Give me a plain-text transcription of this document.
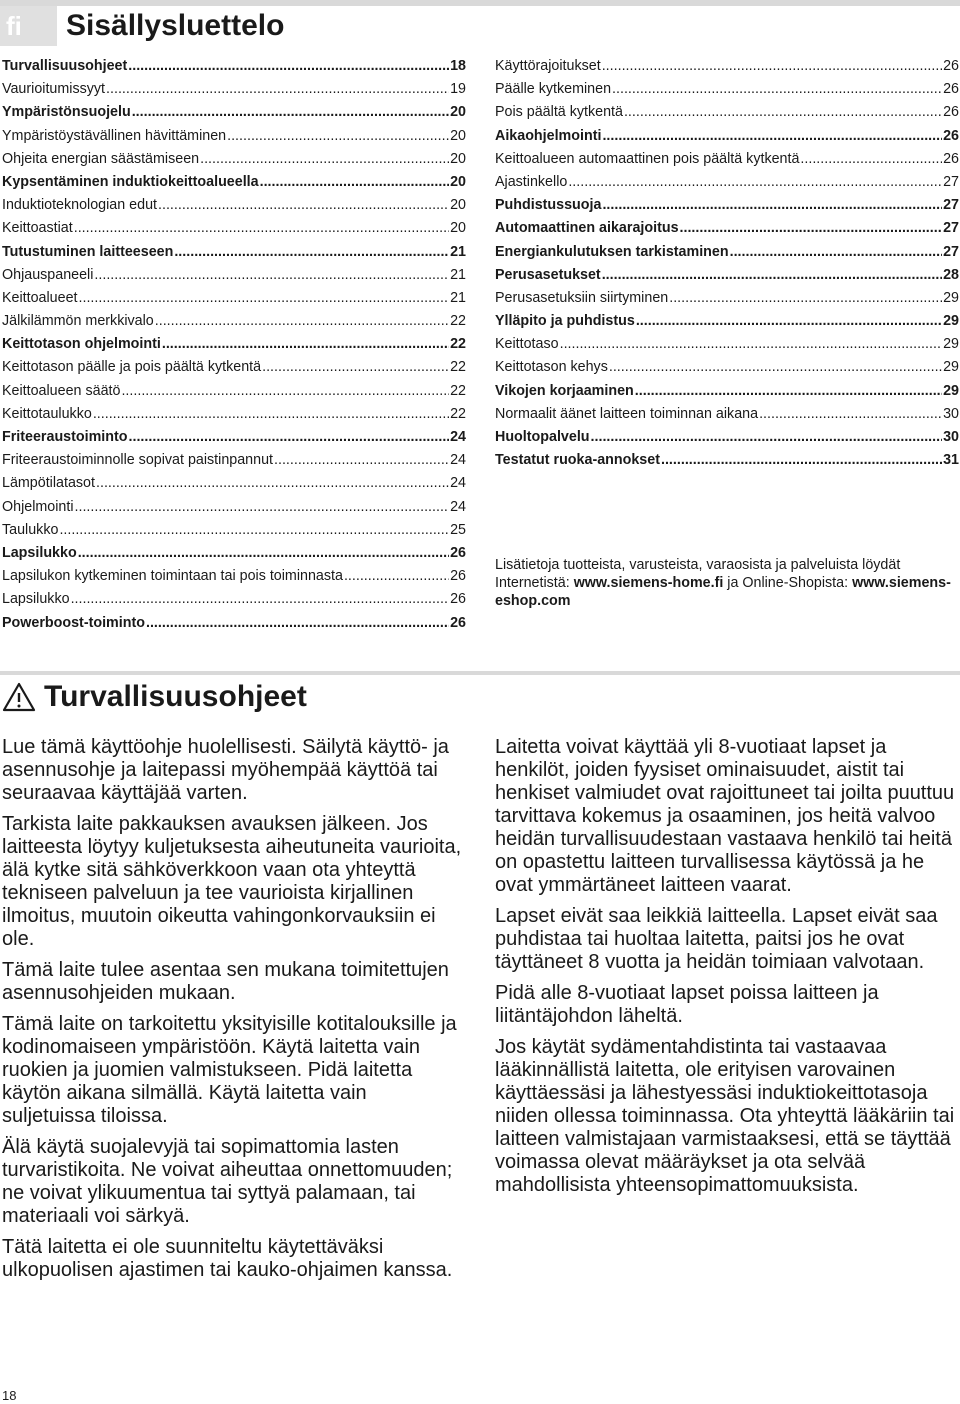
fi	Sisällysluettelo
Turvallisuusohjeet .....	18
Vaurioitumissyyt .....	19
Ympäristönsuojelu .....	20
Ympäristöystävällinen hävittäminen .....	20
Ohjeita energian säästämiseen .....	20
Kypsentäminen induktiokeittoalueella .....	20
Induktioteknologian edut .....	20
Keittoastiat .....	20
Tutustuminen laitteeseen .....	21
Ohjauspaneeli .....	21
Keittoalueet .....	21
Jälkilämmön merkkivalo .....	22
Keittotason ohjelmointi .....	22
Keittotason päälle ja pois päältä kytkentä .....	22
Keittoalueen säätö .....	22
Keittotaulukko .....	22
Friteeraustoiminto .....	24
Friteeraustoiminnolle sopivat paistinpannut .....	24
Lämpötilatasot .....	24
Ohjelmointi .....	24
Taulukko .....	25
Lapsilukko .....	26
Lapsilukon kytkeminen toimintaan tai pois toiminnasta .....	26
Lapsilukko .....	26
Powerboost-toiminto .....	26
Käyttörajoitukset .....	26
Päälle kytkeminen .....	26
Pois päältä kytkentä .....	26
Aikaohjelmointi .....	26
Keittoalueen automaattinen pois päältä kytkentä .....	26
Ajastinkello .....	27
Puhdistussuoja .....	27
Automaattinen aikarajoitus .....	27
Energiankulutuksen tarkistaminen .....	27
Perusasetukset .....	28
Perusasetuksiin siirtyminen .....	29
Ylläpito ja puhdistus .....	29
Keittotaso .....	29
Keittotason kehys .....	29
Vikojen korjaaminen .....	29
Normaalit äänet laitteen toiminnan aikana .....	30
Huoltopalvelu .....	30
Testatut ruoka-annokset .....	31
Lisätietoja tuotteista, varusteista, varaosista ja palveluista löydät Internetistä: www.siemens-home.fi ja Online-Shopista: www.siemens-eshop.com
Turvallisuusohjeet

Lue tämä käyttöohje huolellisesti. Säilytä käyttö- ja asennusohje ja laitepassi myöhempää käyttöä tai seuraavaa käyttäjää varten.

Tarkista laite pakkauksen avauksen jälkeen. Jos laitteesta löytyy kuljetuksesta aiheutuneita vaurioita, älä kytke sitä sähköverkkoon vaan ota yhteyttä tekniseen palveluun ja tee vaurioista kirjallinen ilmoitus, muutoin oikeutta vahingonkorvauksiin ei ole.

Tämä laite tulee asentaa sen mukana toimitettujen asennusohjeiden mukaan.

Tämä laite on tarkoitettu yksityisille kotitalouksille ja kodinomaiseen ympäristöön. Käytä laitetta vain ruokien ja juomien valmistukseen. Pidä laitetta käytön aikana silmällä. Käytä laitetta vain suljetuissa tiloissa.

Älä käytä suojalevyjä tai sopimattomia lasten turvaristikoita. Ne voivat aiheuttaa onnettomuuden; ne voivat ylikuumentua tai syttyä palamaan, tai materiaali voi särkyä.

Tätä laitetta ei ole suunniteltu käytettäväksi ulkopuolisen ajastimen tai kauko-ohjaimen kanssa.

Laitetta voivat käyttää yli 8-vuotiaat lapset ja henkilöt, joiden fyysiset ominaisuudet, aistit tai henkiset valmiudet ovat rajoittuneet tai joilta puuttuu tarvittava kokemus ja osaaminen, jos heitä valvoo heidän turvallisuudestaan vastaava henkilö tai heitä on opastettu laitteen turvallisessa käytössä ja he ovat ymmärtäneet laitteen vaarat.

Lapset eivät saa leikkiä laitteella. Lapset eivät saa puhdistaa tai huoltaa laitetta, paitsi jos he ovat täyttäneet 8 vuotta ja heidän toimiaan valvotaan.

Pidä alle 8-vuotiaat lapset poissa laitteen ja liitäntäjohdon läheltä.

Jos käytät sydämentahdistinta tai vastaavaa lääkinnällistä laitetta, ole erityisen varovainen käyttäessäsi ja lähestyessäsi induktiokeittotasoja niiden ollessa toiminnassa. Ota yhteyttä lääkäriin tai laitteen valmistajaan varmistaaksesi, että se täyttää voimassa olevat määräykset ja ota selvää mahdollisista yhteensopimattomuuksista.

18
